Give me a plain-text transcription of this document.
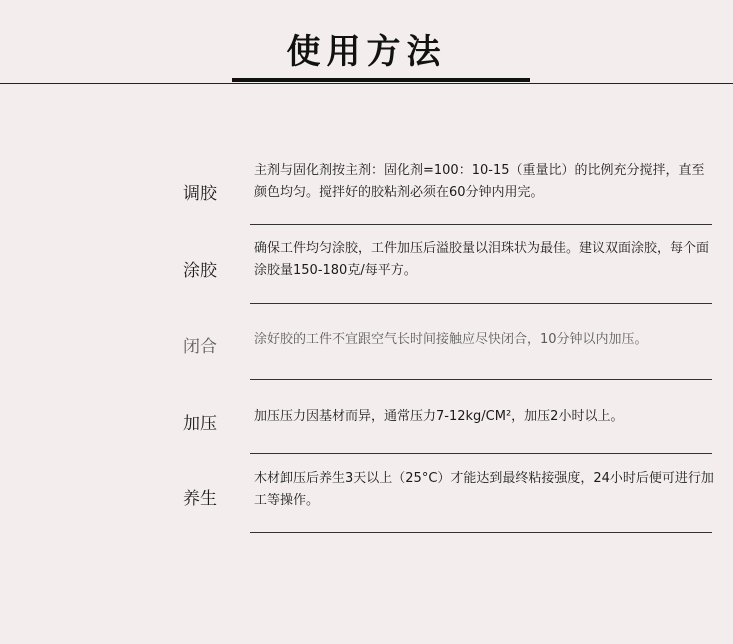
使用方法
调胶
主剂与固化剂按主剂：固化剂=100：10-15（重量比）的比例充分搅拌，直至颜色均匀。搅拌好的胶粘剂必须在60分钟内用完。
涂胶
确保工件均匀涂胶，工件加压后溢胶量以泪珠状为最佳。建议双面涂胶，每个面涂胶量150-180克/每平方。
闭合	涂好胶的工件不宜跟空气长时间接触应尽快闭合，10分钟以内加压。
加压	加压压力因基材而异，通常压力7-12kg/CM²，加压2小时以上。
养生
木材卸压后养生3天以上（25°C）才能达到最终粘接强度，24小时后便可进行加工等操作。
